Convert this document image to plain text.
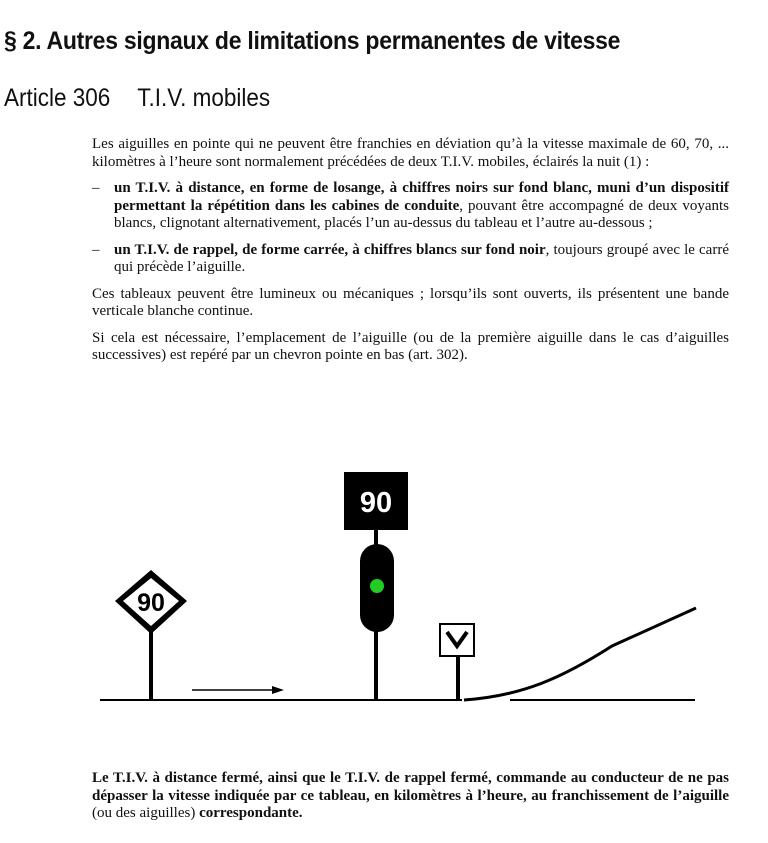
§ 2. Autres signaux de limitations permanentes de vitesse
Article 306 T.I.V. mobiles

Les aiguilles en pointe qui ne peuvent être franchies en déviation qu’à la vitesse maximale de 60, 70, ... kilomètres à l’heure sont normalement précédées de deux T.I.V. mobiles, éclairés la nuit (1) :

– un T.I.V. à distance, en forme de losange, à chiffres noirs sur fond blanc, muni d’un dispositif permettant la répétition dans les cabines de conduite, pouvant être accompagné de deux voyants blancs, clignotant alternativement, placés l’un au-dessus du tableau et l’autre au-dessous ;
– un T.I.V. de rappel, de forme carrée, à chiffres blancs sur fond noir, toujours groupé avec le carré qui précède l’aiguille.

Ces tableaux peuvent être lumineux ou mécaniques ; lorsqu’ils sont ouverts, ils présentent une bande verticale blanche continue.

Si cela est nécessaire, l’emplacement de l’aiguille (ou de la première aiguille dans le cas d’aiguilles successives) est repéré par un chevron pointe en bas (art. 302).

90
90
Le T.I.V. à distance fermé, ainsi que le T.I.V. de rappel fermé, commande au conducteur de ne pas dépasser la vitesse indiquée par ce tableau, en kilomètres à l’heure, au franchissement de l’aiguille (ou des aiguilles) correspondante.
